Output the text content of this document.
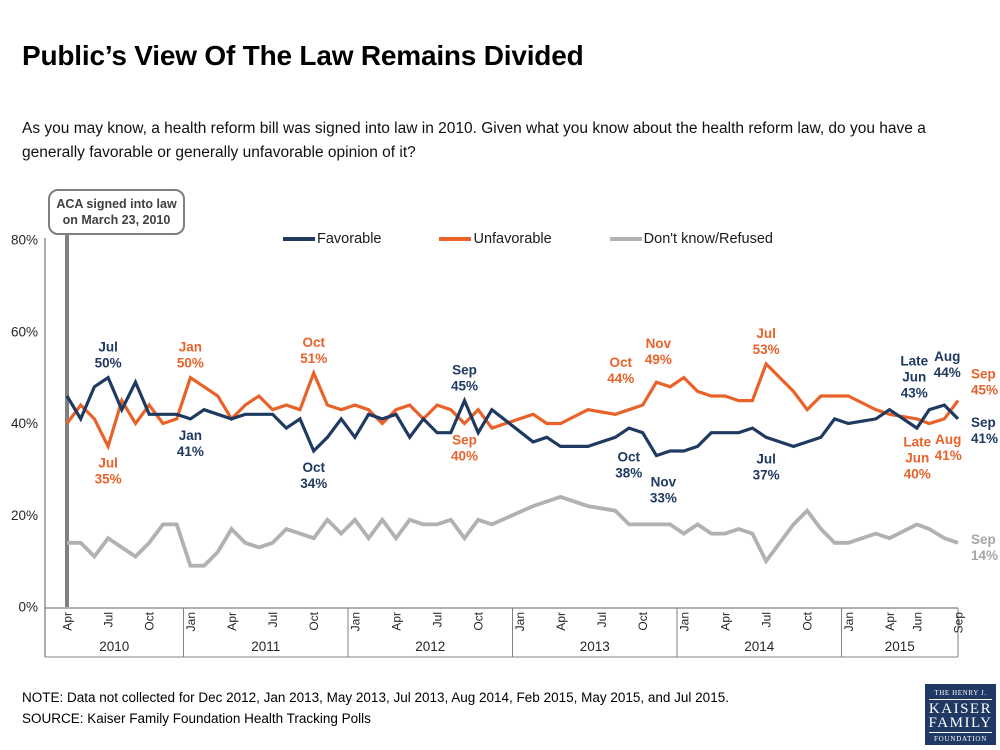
Public’s View Of The Law Remains Divided
As you may know, a health reform bill was signed into law in 2010. Given what you know about the health reform law, do you have a generally favorable or generally unfavorable opinion of it?
0%
20%
40%
60%
80%
2010	2011	2012	2013	2014	2015
Apr Jul Oct Jan Apr Jul Oct Jan Apr Jul Oct Jan Apr Jul Oct Jan Apr Jul Oct Jan Apr Jun Sep
Jul
50%
Jul
35%
Jan
50%
Jan
41%
Oct
51%
Oct
34%
Sep
45%
Sep
40%
Oct
44%
Nov
49%
Oct
38%
Nov
33%
Jul
53%
Jul
37%
Late
Jun
43%
Aug
44%
Late
Jun
40%
Aug
41%
Sep
45%
Sep
41%
Sep
14%
ACA signed into law on March 23, 2010
Favorable	Unfavorable	Don't know/Refused

NOTE: Data not collected for Dec 2012, Jan 2013, May 2013, Jul 2013, Aug 2014, Feb 2015, May 2015, and Jul 2015.

SOURCE: Kaiser Family Foundation Health Tracking Polls

THE HENRY J.
KAISER
FAMILY
FOUNDATION
